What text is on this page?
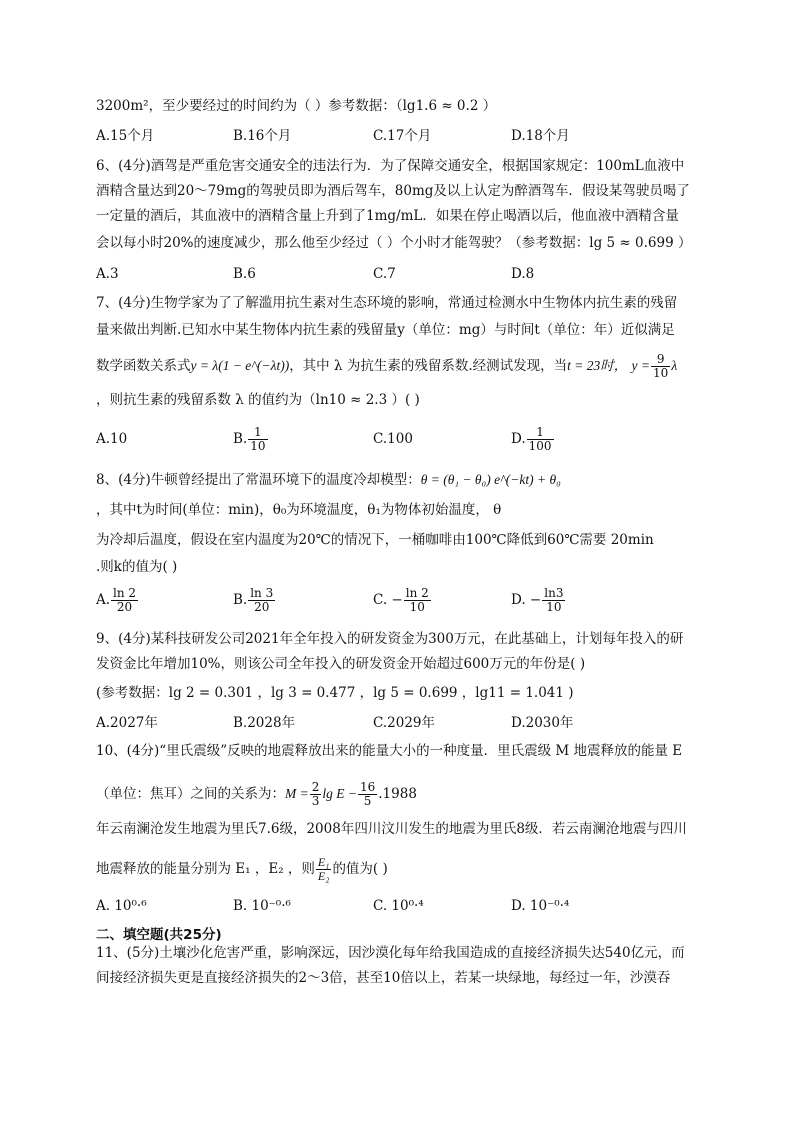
3200m²，至少要经过的时间约为（ ）参考数据：（lg1.6 ≈ 0.2 ）
A.15个月	B.16个月	C.17个月	D.18个月
6、(4分)酒驾是严重危害交通安全的违法行为．为了保障交通安全，根据国家规定：100mL血液中
酒精含量达到20～79mg的驾驶员即为酒后驾车，80mg及以上认定为醉酒驾车．假设某驾驶员喝了
一定量的酒后，其血液中的酒精含量上升到了1mg/mL．如果在停止喝酒以后，他血液中酒精含量
会以每小时20%的速度减少，那么他至少经过（ ）个小时才能驾驶？（参考数据：lg 5 ≈ 0.699 ）
A.3	B.6	C.7	D.8
7、(4分)生物学家为了了解滥用抗生素对生态环境的影响，常通过检测水中生物体内抗生素的残留
量来做出判断.已知水中某生物体内抗生素的残留量y（单位：mg）与时间t（单位：年）近似满足
数学函数关系式y = λ(1 − e^(−λt))，其中 λ 为抗生素的残留系数.经测试发现，当t = 23时， $y = \frac{9}{10}$ λ
，则抗生素的残留系数 λ 的值约为（ln10 ≈ 2.3 ）( )
A.10	B. $\frac{1}{10}$	C.100	D. $\frac{1}{100}$
8、(4分)牛顿曾经提出了常温环境下的温度冷却模型：θ = (θ₁ − θ₀) e^(−kt) + θ₀
，其中t为时间(单位：min)，θ₀为环境温度，θ₁为物体初始温度， θ
为冷却后温度，假设在室内温度为20℃的情况下，一桶咖啡由100℃降低到60℃需要 20min
.则k的值为( )
A. $\frac{\ln 2}{20}$	B. $\frac{\ln 3}{20}$	C. − $\frac{\ln 2}{10}$	D. − $\frac{\ln 3}{10}$
9、(4分)某科技研发公司2021年全年投入的研发资金为300万元，在此基础上，计划每年投入的研
发资金比年增加10%，则该公司全年投入的研发资金开始超过600万元的年份是( )
(参考数据：lg 2 = 0.301 ，lg 3 = 0.477 ，lg 5 = 0.699 ，lg11 = 1.041 )
A.2027年	B.2028年	C.2029年	D.2030年
10、(4分)“里氏震级”反映的地震释放出来的能量大小的一种度量．里氏震级 M 地震释放的能量 E
（单位：焦耳）之间的关系为：$M = \frac{2}{3}$ $\lg E - \frac{16}{5} .1988$
年云南澜沧发生地震为里氏7.6级，2008年四川汶川发生的地震为里氏8级．若云南澜沧地震与四川
地震释放的能量分别为 E₁ ，E₂ ，则 $\frac{\text{E₁}}{\text{E₂}}$ 的值为( )
A. 10⁰·⁶	B. 10⁻⁰·⁶	C. 10⁰·⁴	D. 10⁻⁰·⁴
二、填空题(共25分)
11、(5分)土壤沙化危害严重，影响深远，因沙漠化每年给我国造成的直接经济损失达540亿元，而
间接经济损失更是直接经济损失的2～3倍，甚至10倍以上，若某一块绿地，每经过一年，沙漠吞
